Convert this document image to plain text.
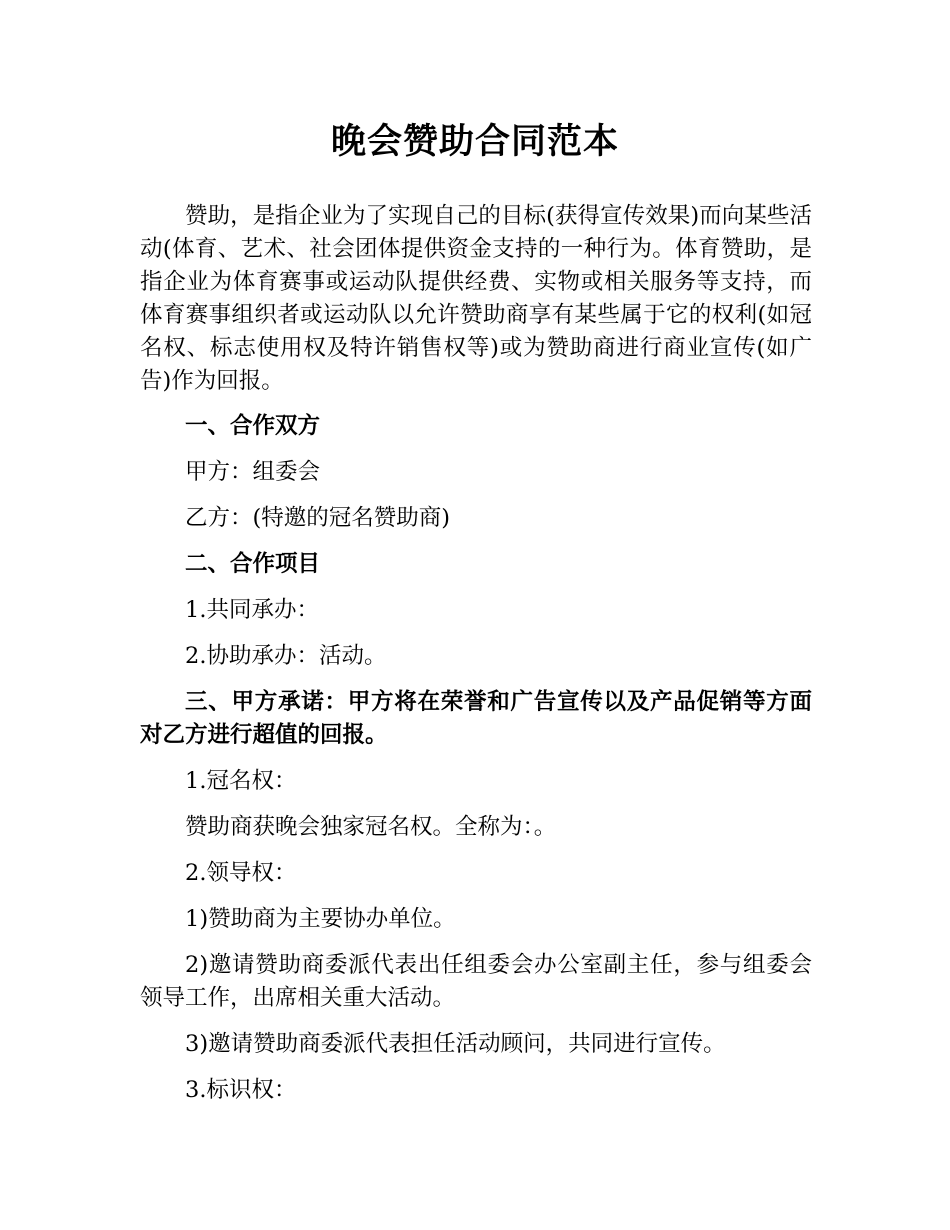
晚会赞助合同范本

赞助，是指企业为了实现自己的目标(获得宣传效果)而向某些活动(体育、艺术、社会团体提供资金支持的一种行为。体育赞助，是指企业为体育赛事或运动队提供经费、实物或相关服务等支持，而体育赛事组织者或运动队以允许赞助商享有某些属于它的权利(如冠名权、标志使用权及特许销售权等)或为赞助商进行商业宣传(如广告)作为回报。

一、合作双方

甲方：组委会

乙方：(特邀的冠名赞助商)

二、合作项目

1.共同承办：

2.协助承办：活动。

三、甲方承诺：甲方将在荣誉和广告宣传以及产品促销等方面对乙方进行超值的回报。

1.冠名权：

赞助商获晚会独家冠名权。全称为：。

2.领导权：

1)赞助商为主要协办单位。

2)邀请赞助商委派代表出任组委会办公室副主任，参与组委会领导工作，出席相关重大活动。

3)邀请赞助商委派代表担任活动顾问，共同进行宣传。

3.标识权：
